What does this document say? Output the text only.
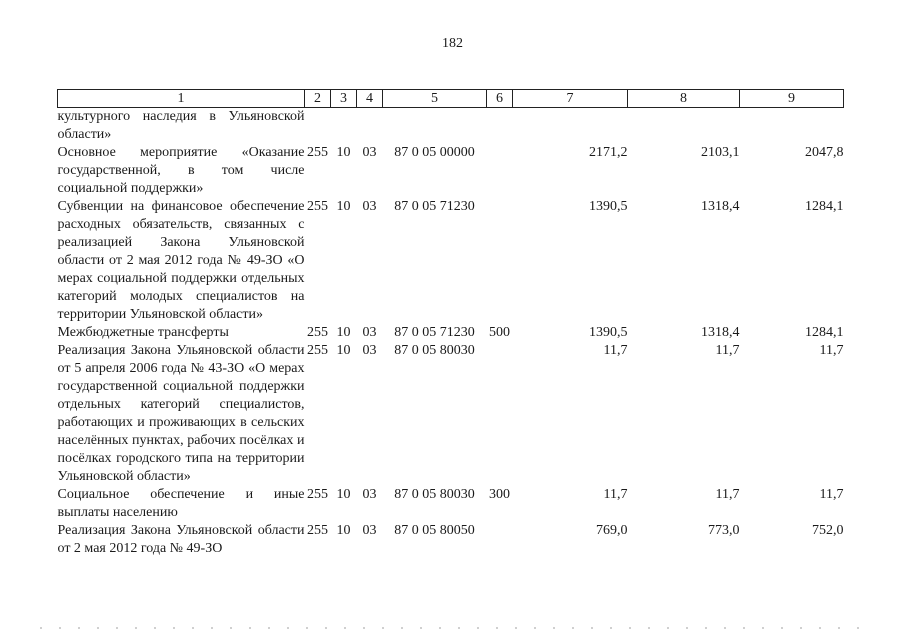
182
1	2	3	4	5	6	7	8	9
культурного наследия в Ульяновской области»								
Основное мероприятие «Оказание государственной, в том числе социальной поддержки»	255	10	03	87 0 05 00000		2171,2	2103,1	2047,8
Субвенции на финансовое обеспечение расходных обязательств, связанных с реализацией Закона Ульяновской области от 2 мая 2012 года № 49-ЗО «О мерах социальной поддержки отдельных категорий молодых специалистов на территории Ульяновской области»	255	10	03	87 0 05 71230		1390,5	1318,4	1284,1
Межбюджетные трансферты	255	10	03	87 0 05 71230	500	1390,5	1318,4	1284,1
Реализация Закона Ульяновской области от 5 апреля 2006 года № 43-ЗО «О мерах государственной социальной поддержки отдельных категорий специалистов, работающих и проживающих в сельских населённых пунктах, рабочих посёлках и посёлках городского типа на территории Ульяновской области»	255	10	03	87 0 05 80030		11,7	11,7	11,7
Социальное обеспечение и иные выплаты населению	255	10	03	87 0 05 80030	300	11,7	11,7	11,7
Реализация Закона Ульяновской области от 2 мая 2012 года № 49-ЗО	255	10	03	87 0 05 80050		769,0	773,0	752,0
